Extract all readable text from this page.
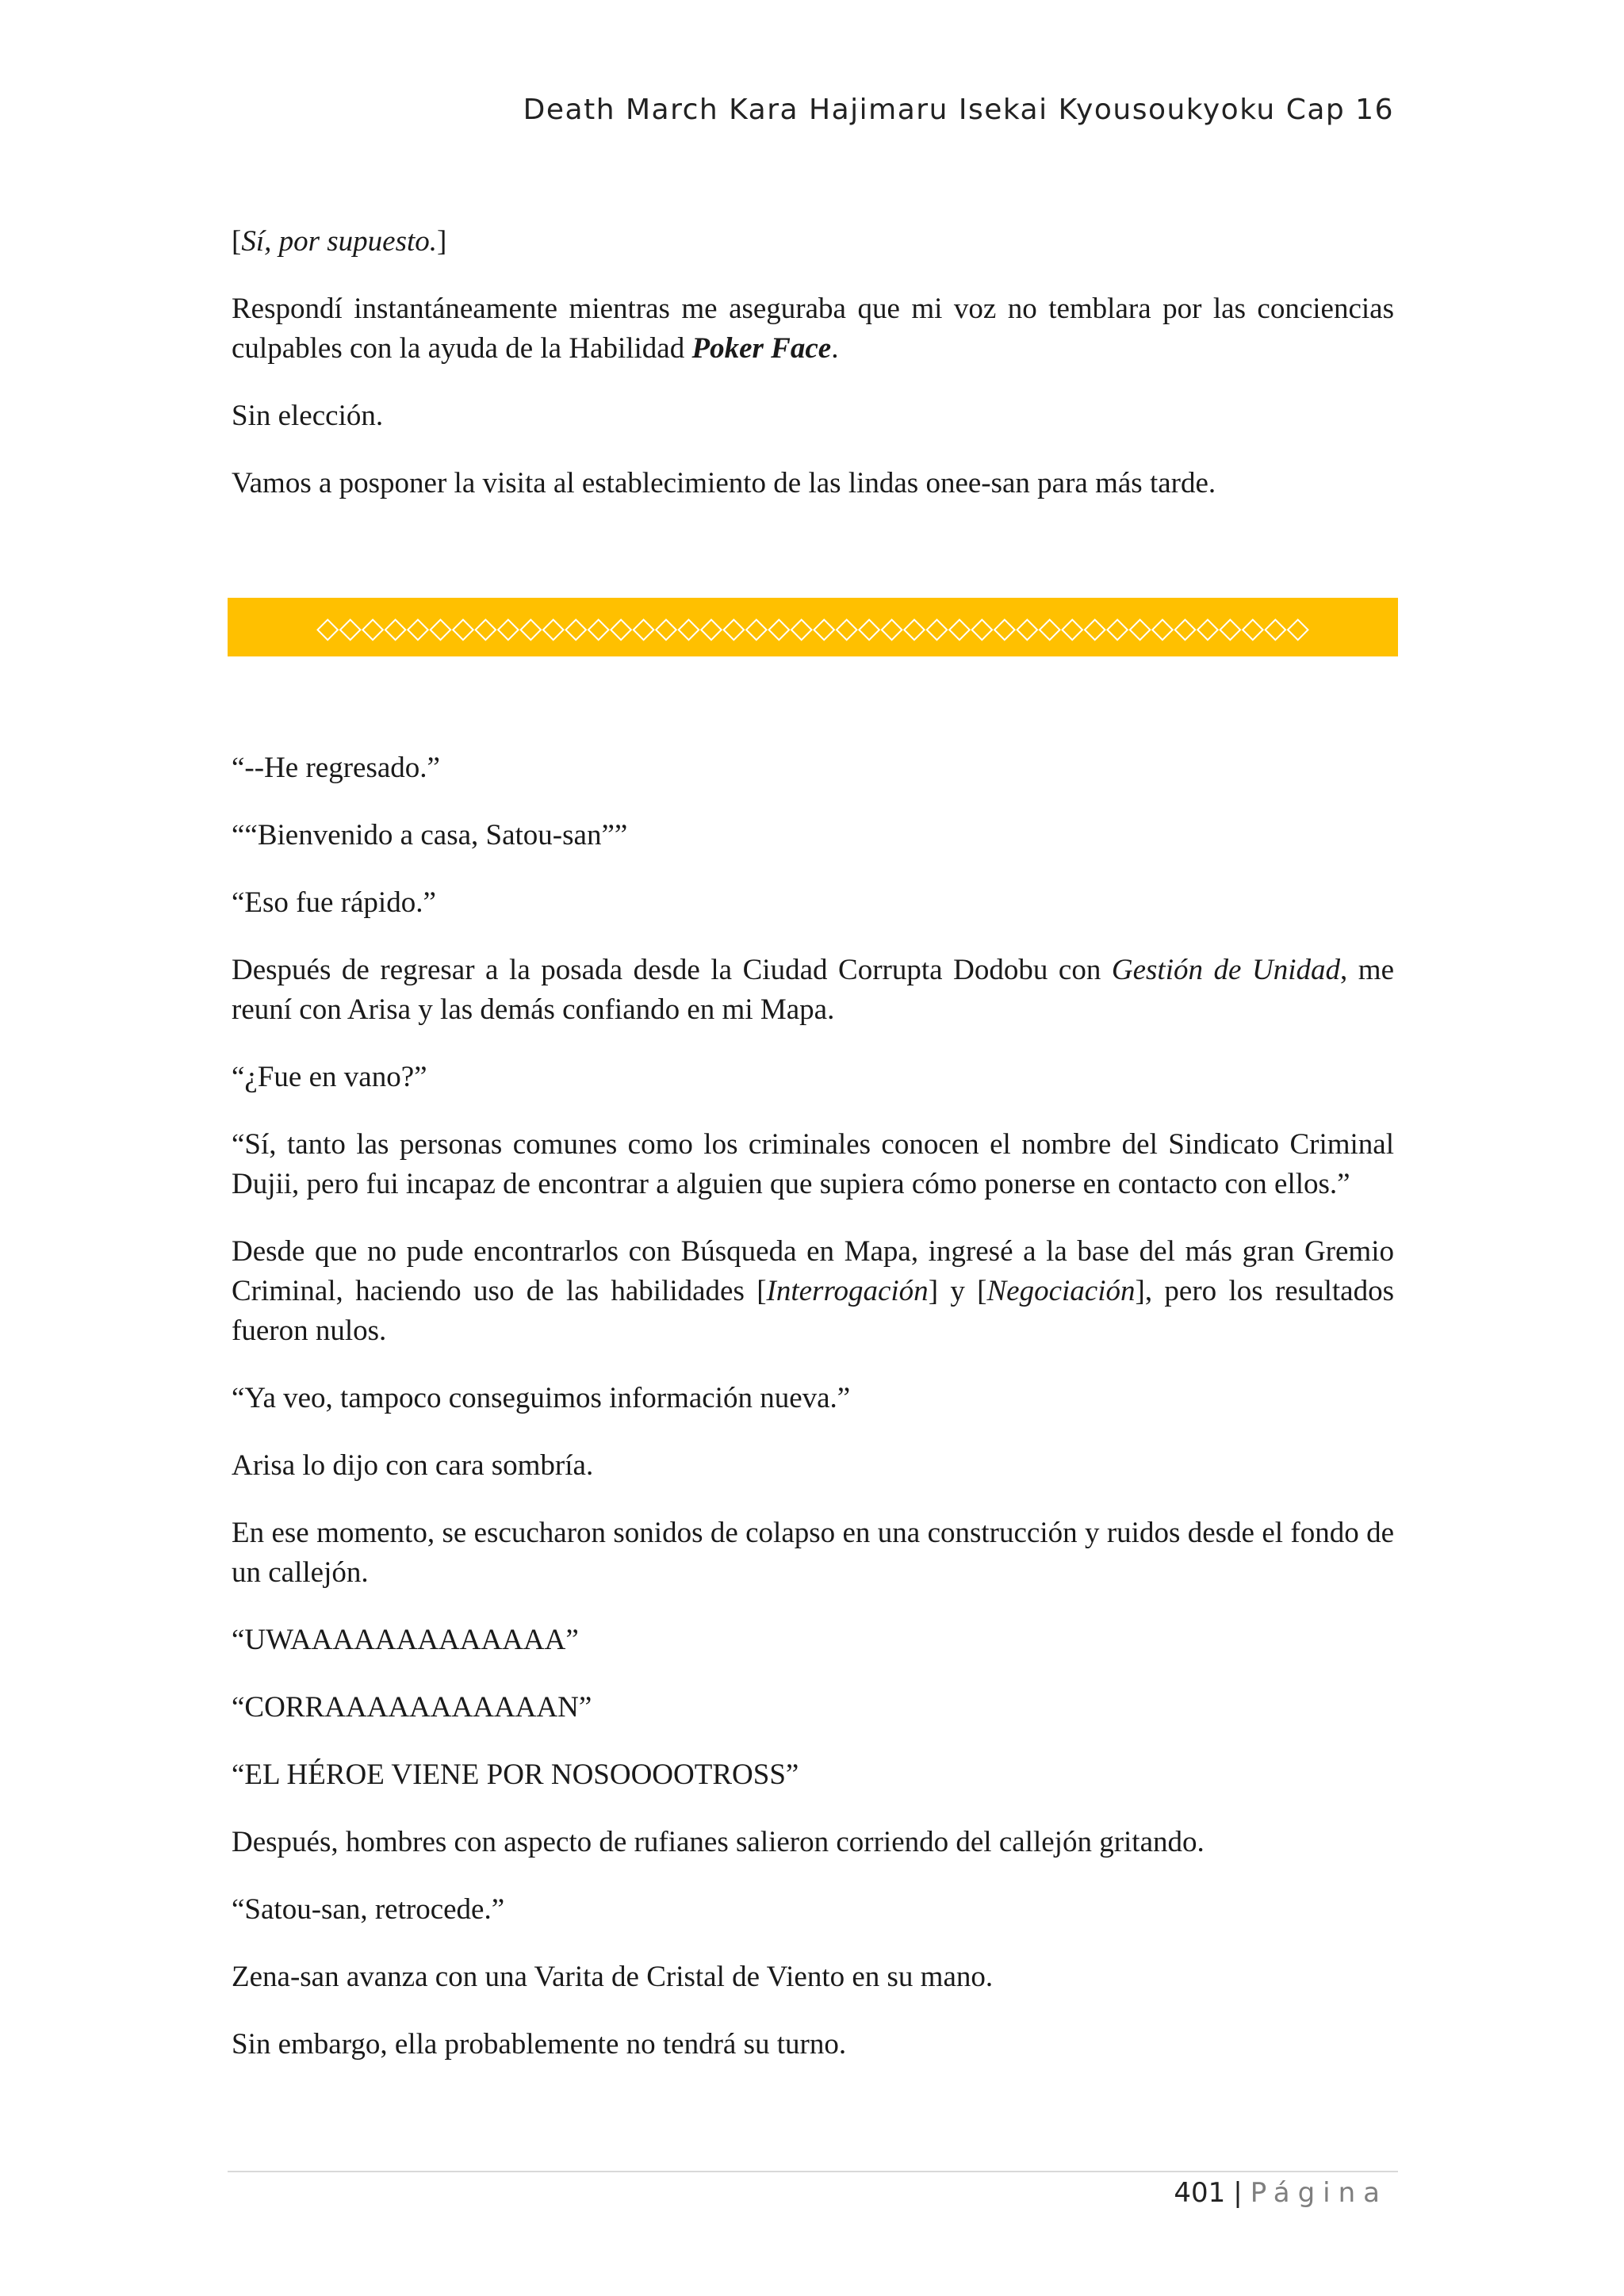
Death March Kara Hajimaru Isekai Kyousoukyoku Cap 16

[Sí, por supuesto.]

Respondí instantáneamente mientras me aseguraba que mi voz no temblara por las conciencias culpables con la ayuda de la Habilidad Poker Face.

Sin elección.

Vamos a posponer la visita al establecimiento de las lindas onee-san para más tarde.

◇◇◇◇◇◇◇◇◇◇◇◇◇◇◇◇◇◇◇◇◇◇◇◇◇◇◇◇◇◇◇◇◇◇◇◇◇◇◇◇◇◇◇◇

“--He regresado.”

““Bienvenido a casa, Satou-san””

“Eso fue rápido.”

Después de regresar a la posada desde la Ciudad Corrupta Dodobu con Gestión de Unidad, me reuní con Arisa y las demás confiando en mi Mapa.

“¿Fue en vano?”

“Sí, tanto las personas comunes como los criminales conocen el nombre del Sindicato Criminal Dujii, pero fui incapaz de encontrar a alguien que supiera cómo ponerse en contacto con ellos.”

Desde que no pude encontrarlos con Búsqueda en Mapa, ingresé a la base del más gran Gremio Criminal, haciendo uso de las habilidades [Interrogación] y [Negociación], pero los resultados fueron nulos.

“Ya veo, tampoco conseguimos información nueva.”

Arisa lo dijo con cara sombría.

En ese momento, se escucharon sonidos de colapso en una construcción y ruidos desde el fondo de un callejón.

“UWAAAAAAAAAAAAA”

“CORRAAAAAAAAAAAN”

“EL HÉROE VIENE POR NOSOOOOTROSS”

Después, hombres con aspecto de rufianes salieron corriendo del callejón gritando.

“Satou-san, retrocede.”

Zena-san avanza con una Varita de Cristal de Viento en su mano.

Sin embargo, ella probablemente no tendrá su turno.

401 | Página
